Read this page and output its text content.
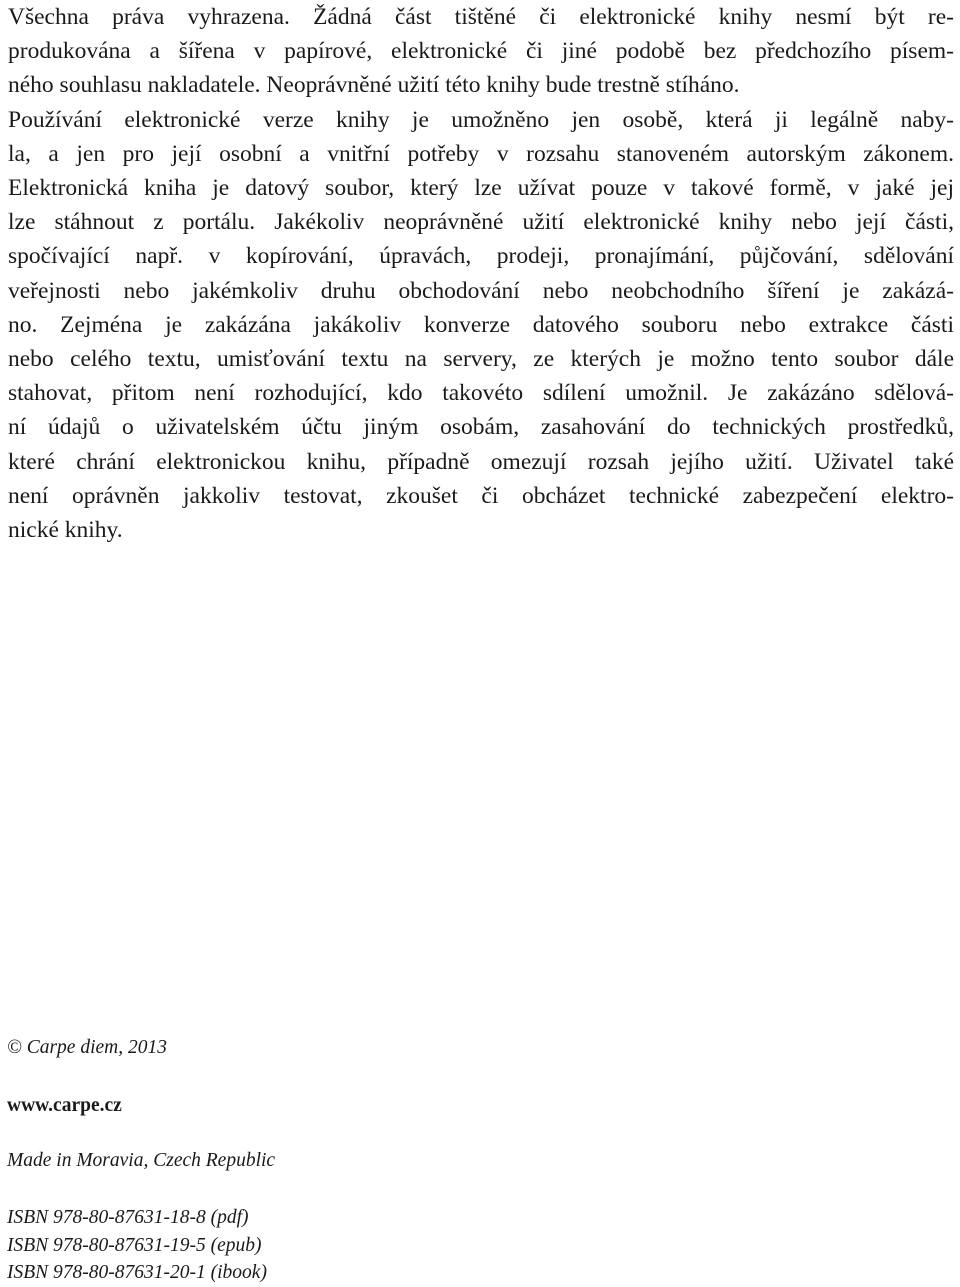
Všechna práva vyhrazena. Žádná část tištěné či elektronické knihy nesmí být re-
produkována a šířena v papírové, elektronické či jiné podobě bez předchozího písem-
ného souhlasu nakladatele. Neoprávněné užití této knihy bude trestně stíháno.
Používání elektronické verze knihy je umožněno jen osobě, která ji legálně naby-
la, a jen pro její osobní a vnitřní potřeby v rozsahu stanoveném autorským zákonem.
Elektronická kniha je datový soubor, který lze užívat pouze v takové formě, v jaké jej
lze stáhnout z portálu. Jakékoliv neoprávněné užití elektronické knihy nebo její části,
spočívající např. v kopírování, úpravách, prodeji, pronajímání, půjčování, sdělování
veřejnosti nebo jakémkoliv druhu obchodování nebo neobchodního šíření je zakázá-
no. Zejména je zakázána jakákoliv konverze datového souboru nebo extrakce části
nebo celého textu, umisťování textu na servery, ze kterých je možno tento soubor dále
stahovat, přitom není rozhodující, kdo takovéto sdílení umožnil. Je zakázáno sdělová-
ní údajů o uživatelském účtu jiným osobám, zasahování do technických prostředků,
které chrání elektronickou knihu, případně omezují rozsah jejího užití. Uživatel také
není oprávněn jakkoliv testovat, zkoušet či obcházet technické zabezpečení elektro-
nické knihy.
© Carpe diem, 2013
www.carpe.cz
Made in Moravia, Czech Republic
ISBN 978-80-87631-18-8 (pdf)
ISBN 978-80-87631-19-5 (epub)
ISBN 978-80-87631-20-1 (ibook)
